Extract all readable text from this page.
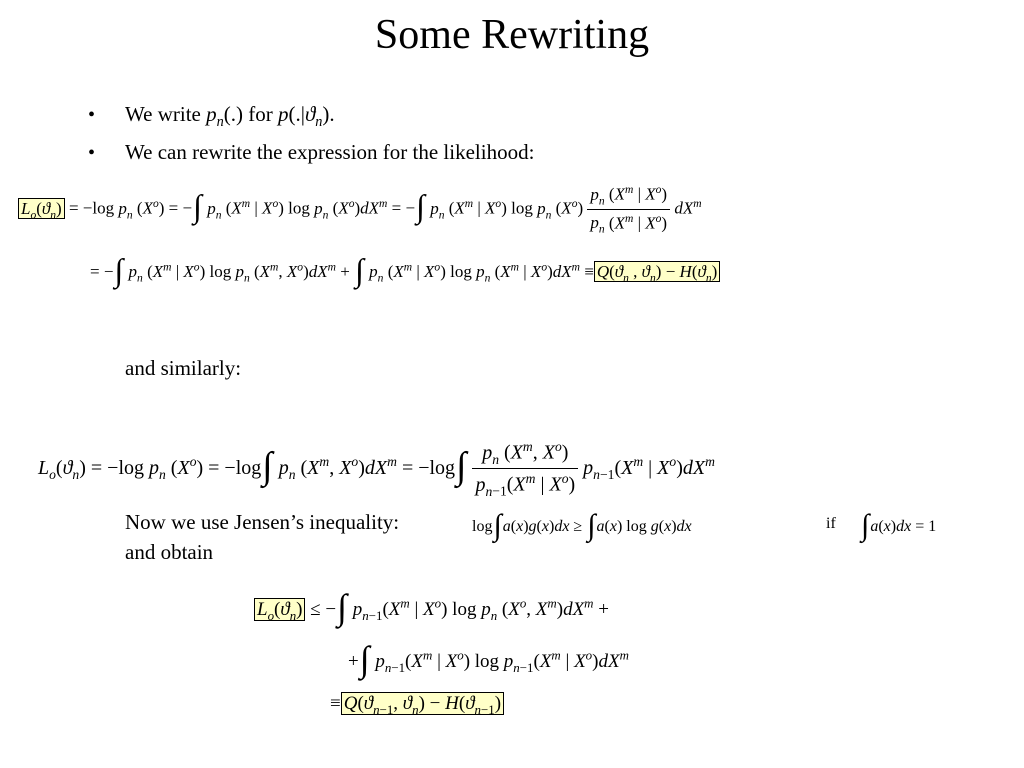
Some Rewriting
• We write $p_n(.)$ for $p(.|ϑ_n)$.
• We can rewrite the expression for the likelihood:
$L_o(ϑ_n) = -\log$ $p_n$ $(X^o)$ = −∫ $p_n$ ($X^m$ | $X^o$) $\log p_n$ $(X^o)dX^m$ = −∫ $p_n$ ($X^m$ | $X^o$) $\log p_n$ $(X^o) \frac{p_n (X^m | X^o)}{p_n (X^m | X^o)} dX^m$
= −∫ $p_n$ ($X^m$ | $X^o$) $\log p_n$ ($X^m$, $X^o)dX^m$ + ∫ $p_n$ ($X^m$ | $X^o$) $\log p_n$ ($X^m$ | $X^o)dX^m \equiv Q(ϑ_n$ , $ϑ_n) - H(ϑ_n)$
and similarly:
$L_o(ϑ_n) = -\log$ $p_n$ $(X^o) = -\log\int$ $p_n$ ($X^m$, $X^o)dX^m = -\log\int \frac{p_n (X^m, X^o)}{p_{n-1}(X^m | X^o)} p_{n-1}(X^m$ | $X^o)dX^m$
Now we use Jensen’s inequality:	log∫a(x)g(x)dx ≥ ∫a(x) log g(x)dx	if ∫a(x)dx = 1
and obtain
$L_o(ϑ_n)$ ≤ −∫ $p_{n-1}(X^m$ | $X^o$) $\log p_n$ ($X^o$, $X^m)dX^m$ +
+∫ $p_{n-1}(X^m$ | $X^o$) $\log p_{n-1}(X^m$ | $X^o)dX^m$
≡ $Q(ϑ_{n-1}$, $ϑ_n) - H(ϑ_{n-1})$
